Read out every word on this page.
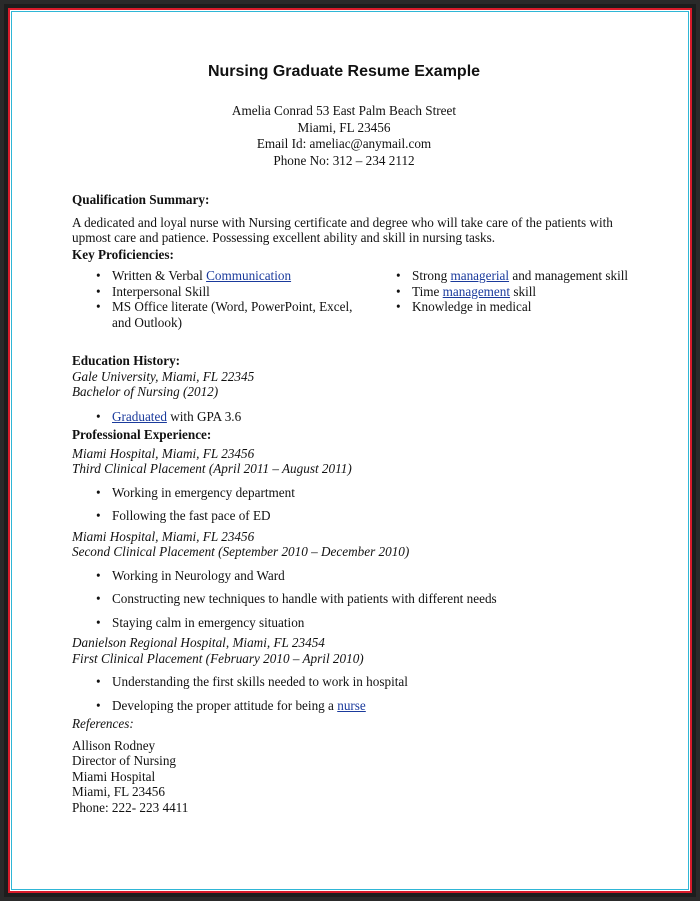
Nursing Graduate Resume Example
Amelia Conrad 53 East Palm Beach Street
Miami, FL 23456
Email Id: ameliac@anymail.com
Phone No: 312 – 234 2112
Qualification Summary:
A dedicated and loyal nurse with Nursing certificate and degree who will take care of the patients with upmost care and patience. Possessing excellent ability and skill in nursing tasks.
Key Proficiencies:
• Written & Verbal Communication
• Interpersonal Skill
• MS Office literate (Word, PowerPoint, Excel, and Outlook)
• Strong managerial and management skill
• Time management skill
• Knowledge in medical
Education History:
Gale University, Miami, FL 22345
Bachelor of Nursing (2012)
• Graduated with GPA 3.6
Professional Experience:
Miami Hospital, Miami, FL 23456
Third Clinical Placement (April 2011 – August 2011)
• Working in emergency department
• Following the fast pace of ED
Miami Hospital, Miami, FL 23456
Second Clinical Placement (September 2010 – December 2010)
• Working in Neurology and Ward
• Constructing new techniques to handle with patients with different needs
• Staying calm in emergency situation
Danielson Regional Hospital, Miami, FL 23454
First Clinical Placement (February 2010 – April 2010)
• Understanding the first skills needed to work in hospital
• Developing the proper attitude for being a nurse
References:
Allison Rodney
Director of Nursing
Miami Hospital
Miami, FL 23456
Phone: 222- 223 4411
